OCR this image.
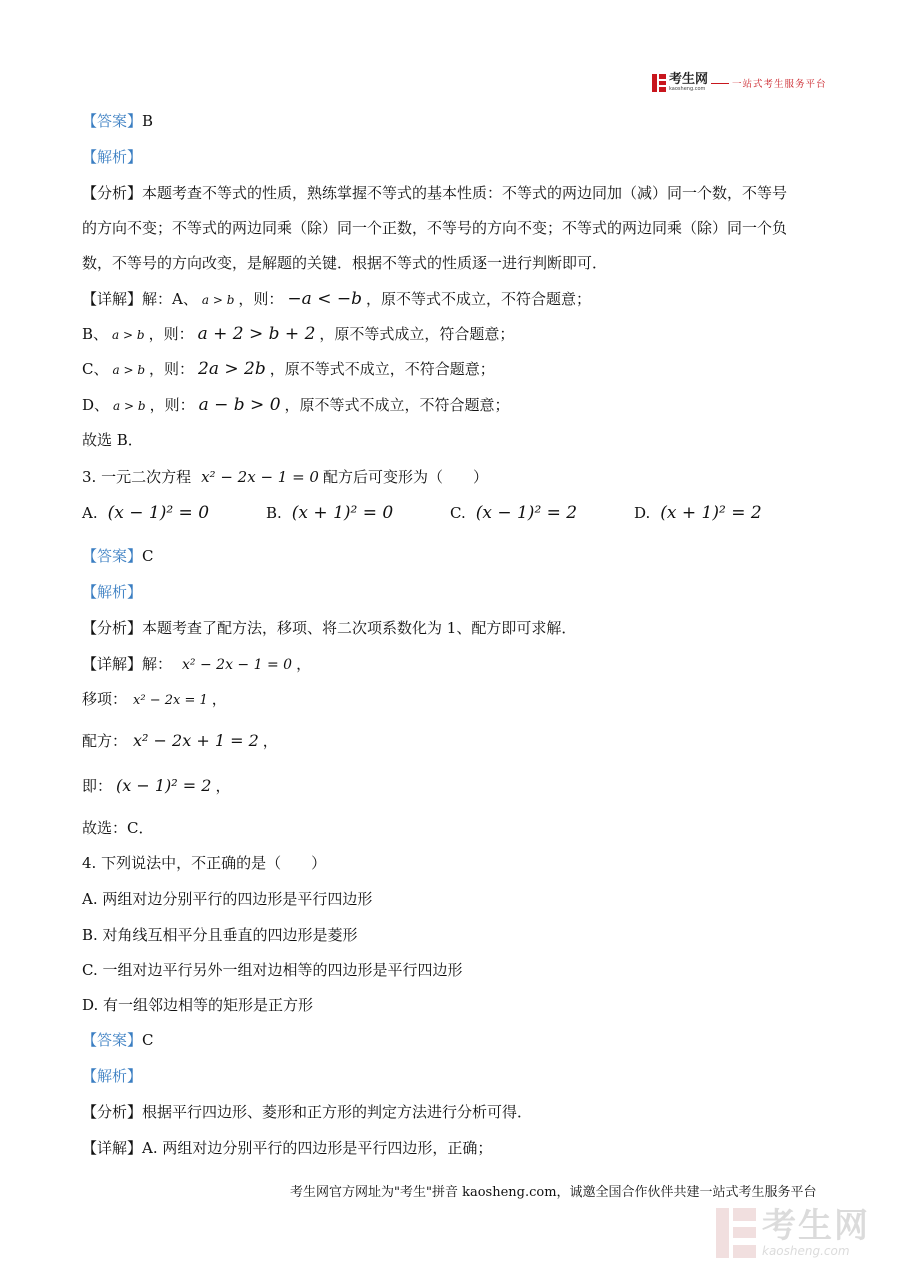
考生网
kaosheng.com	一站式考生服务平台
【答案】B
【解析】
【分析】本题考查不等式的性质，熟练掌握不等式的基本性质：不等式的两边同加（减）同一个数，不等号
的方向不变；不等式的两边同乘（除）同一个正数，不等号的方向不变；不等式的两边同乘（除）同一个负
数，不等号的方向改变，是解题的关键．根据不等式的性质逐一进行判断即可．
【详解】解：A、 a > b ，则： −a < −b ，原不等式不成立，不符合题意；
B、 a > b ，则： a + 2 > b + 2 ，原不等式成立，符合题意；
C、 a > b ，则： 2a > 2b ，原不等式不成立，不符合题意；
D、 a > b ，则： a − b > 0 ，原不等式不成立，不符合题意；
故选 B．
3. 一元二次方程 x² − 2x − 1 = 0 配方后可变形为（　　）
A. (x − 1)² = 0	B. (x + 1)² = 0	C. (x − 1)² = 2	D. (x + 1)² = 2
【答案】C
【解析】
【分析】本题考查了配方法，移项、将二次项系数化为 1、配方即可求解．
【详解】解： x² − 2x − 1 = 0 ，
移项： x² − 2x = 1 ，
配方： x² − 2x + 1 = 2 ，
即： (x − 1)² = 2 ，
故选：C．
4. 下列说法中，不正确的是（　　）
A. 两组对边分别平行的四边形是平行四边形
B. 对角线互相平分且垂直的四边形是菱形
C. 一组对边平行另外一组对边相等的四边形是平行四边形
D. 有一组邻边相等的矩形是正方形
【答案】C
【解析】
【分析】根据平行四边形、菱形和正方形的判定方法进行分析可得．
【详解】A. 两组对边分别平行的四边形是平行四边形，正确；
考生网官方网址为"考生"拼音 kaosheng.com，诚邀全国合作伙伴共建一站式考生服务平台
考生网
kaosheng.com
